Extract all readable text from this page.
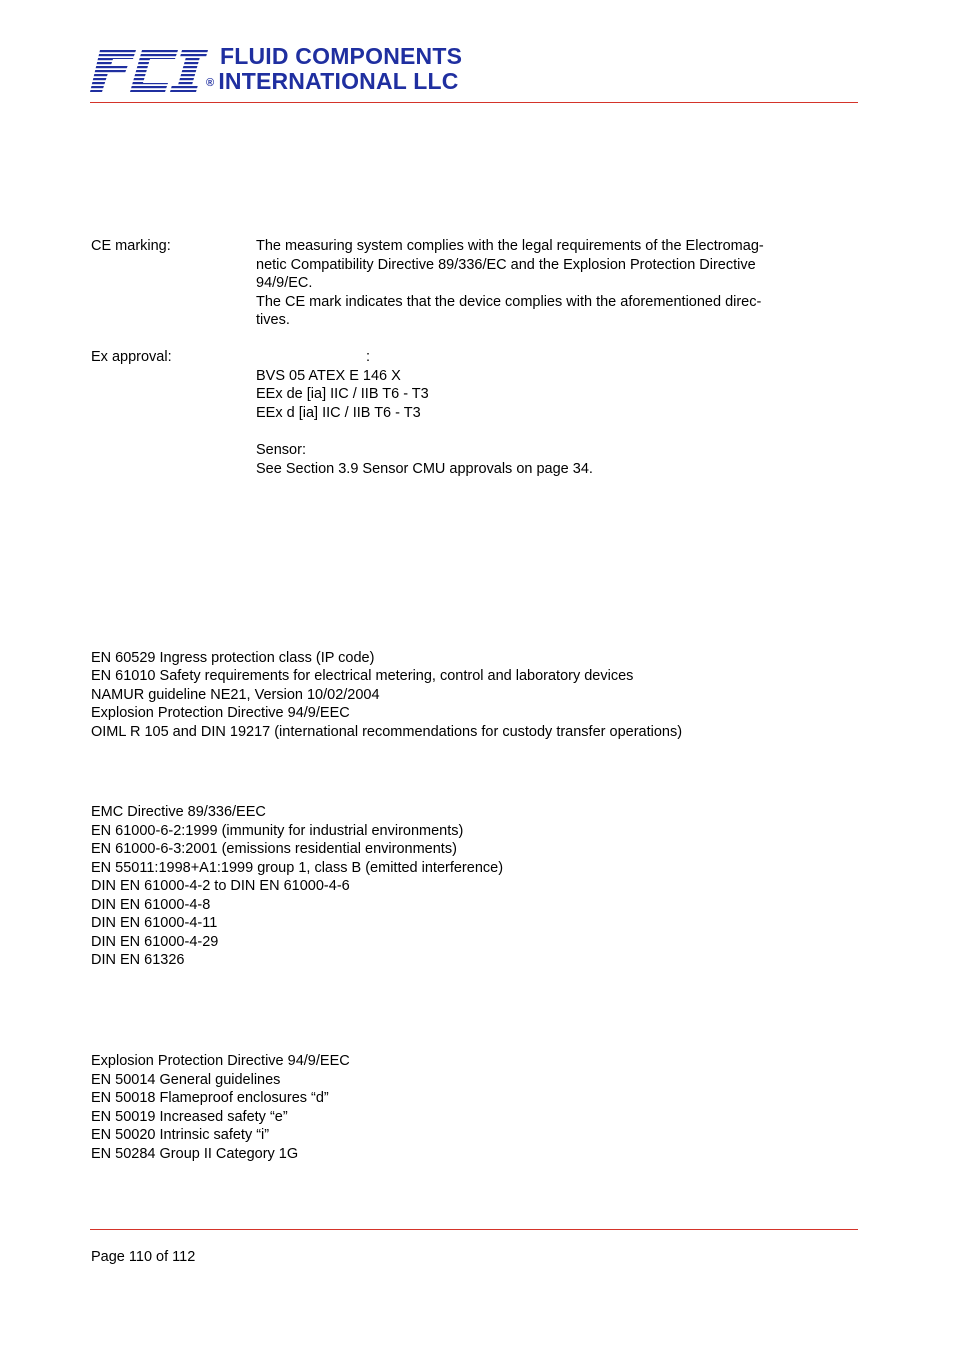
FLUID COMPONENTS
® INTERNATIONAL LLC
CE marking:	The measuring system complies with the legal requirements of the Electromag-
netic Compatibility Directive 89/336/EC and the Explosion Protection Directive
94/9/EC.
The CE mark indicates that the device complies with the aforementioned direc-
tives.
Ex approval:	:
BVS 05 ATEX E 146 X
EEx de [ia] IIC / IIB T6 - T3
EEx d [ia] IIC / IIB T6 - T3
Sensor:
See Section 3.9 Sensor CMU approvals on page 34.
EN 60529 Ingress protection class (IP code)
EN 61010 Safety requirements for electrical metering, control and laboratory devices
NAMUR guideline NE21, Version 10/02/2004
Explosion Protection Directive 94/9/EEC
OIML R 105 and DIN 19217 (international recommendations for custody transfer operations)
EMC Directive 89/336/EEC
EN 61000-6-2:1999 (immunity for industrial environments)
EN 61000-6-3:2001 (emissions residential environments)
EN 55011:1998+A1:1999 group 1, class B (emitted interference)
DIN EN 61000-4-2 to DIN EN 61000-4-6
DIN EN 61000-4-8
DIN EN 61000-4-11
DIN EN 61000-4-29
DIN EN 61326
Explosion Protection Directive 94/9/EEC
EN 50014 General guidelines
EN 50018 Flameproof enclosures “d”
EN 50019 Increased safety “e”
EN 50020 Intrinsic safety “i”
EN 50284 Group II Category 1G
Page 110 of 112
